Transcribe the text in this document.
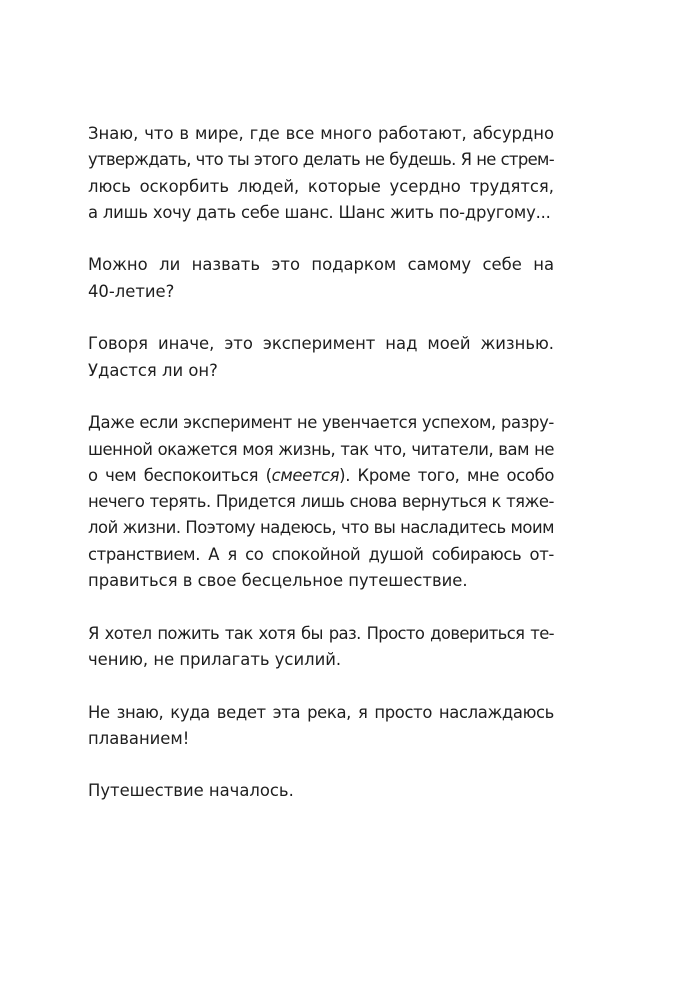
Знаю, что в мире, где все много работают, абсурдно
утверждать, что ты этого делать не будешь. Я не стрем-
люсь оскорбить людей, которые усердно трудятся,
а лишь хочу дать себе шанс. Шанс жить по-другому...

Можно ли назвать это подарком самому себе на
40-летие?

Говоря иначе, это эксперимент над моей жизнью.
Удастся ли он?

Даже если эксперимент не увенчается успехом, разру-
шенной окажется моя жизнь, так что, читатели, вам не
о чем беспокоиться (смеется). Кроме того, мне особо
нечего терять. Придется лишь снова вернуться к тяже-
лой жизни. Поэтому надеюсь, что вы насладитесь моим
странствием. А я со спокойной душой собираюсь от-
правиться в свое бесцельное путешествие.

Я хотел пожить так хотя бы раз. Просто довериться те-
чению, не прилагать усилий.

Не знаю, куда ведет эта река, я просто наслаждаюсь
плаванием!

Путешествие началось.
